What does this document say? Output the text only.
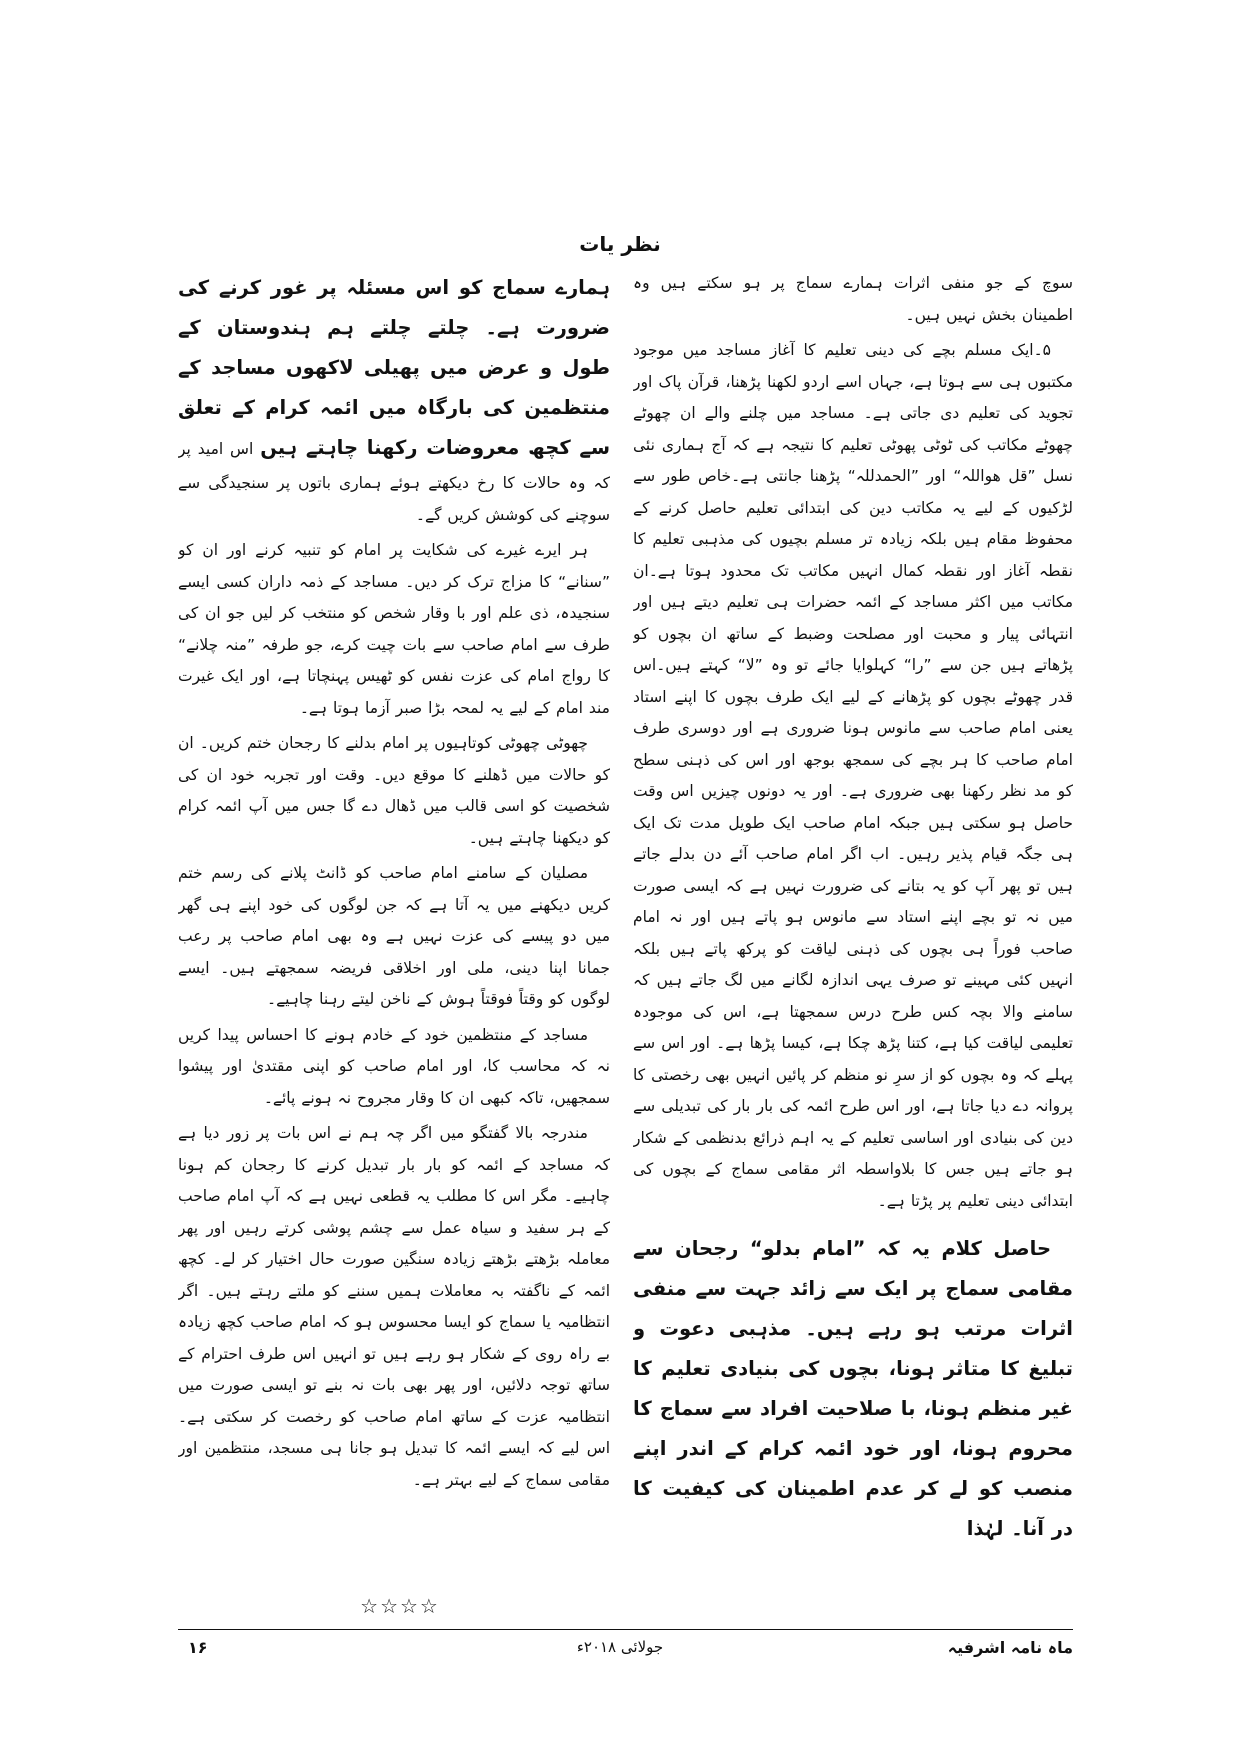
نظر یات

سوچ کے جو منفی اثرات ہمارے سماج پر ہو سکتے ہیں وہ اطمینان بخش نہیں ہیں۔

۵۔ایک مسلم بچے کی دینی تعلیم کا آغاز مساجد میں موجود مکتبوں ہی سے ہوتا ہے، جہاں اسے اردو لکھنا پڑھنا، قرآن پاک اور تجوید کی تعلیم دی جاتی ہے۔ مساجد میں چلنے والے ان چھوٹے چھوٹے مکاتب کی ٹوٹی پھوٹی تعلیم کا نتیجہ ہے کہ آج ہماری نئی نسل ”قل ھواللہ“ اور ”الحمدللہ“ پڑھنا جانتی ہے۔خاص طور سے لڑکیوں کے لیے یہ مکاتب دین کی ابتدائی تعلیم حاصل کرنے کے محفوظ مقام ہیں بلکہ زیادہ تر مسلم بچیوں کی مذہبی تعلیم کا نقطہ آغاز اور نقطہ کمال انہیں مکاتب تک محدود ہوتا ہے۔ان مکاتب میں اکثر مساجد کے ائمہ حضرات ہی تعلیم دیتے ہیں اور انتہائی پیار و محبت اور مصلحت وضبط کے ساتھ ان بچوں کو پڑھاتے ہیں جن سے ”را“ کہلوایا جائے تو وہ ”لا“ کہتے ہیں۔اس قدر چھوٹے بچوں کو پڑھانے کے لیے ایک طرف بچوں کا اپنے استاد یعنی امام صاحب سے مانوس ہونا ضروری ہے اور دوسری طرف امام صاحب کا ہر بچے کی سمجھ بوجھ اور اس کی ذہنی سطح کو مد نظر رکھنا بھی ضروری ہے۔ اور یہ دونوں چیزیں اس وقت حاصل ہو سکتی ہیں جبکہ امام صاحب ایک طویل مدت تک ایک ہی جگہ قیام پذیر رہیں۔ اب اگر امام صاحب آئے دن بدلے جاتے ہیں تو پھر آپ کو یہ بتانے کی ضرورت نہیں ہے کہ ایسی صورت میں نہ تو بچے اپنے استاد سے مانوس ہو پاتے ہیں اور نہ امام صاحب فوراً ہی بچوں کی ذہنی لیاقت کو پرکھ پاتے ہیں بلکہ انہیں کئی مہینے تو صرف یہی اندازہ لگانے میں لگ جاتے ہیں کہ سامنے والا بچہ کس طرح درس سمجھتا ہے، اس کی موجودہ تعلیمی لیاقت کیا ہے، کتنا پڑھ چکا ہے، کیسا پڑھا ہے۔ اور اس سے پہلے کہ وہ بچوں کو از سرِ نو منظم کر پائیں انہیں بھی رخصتی کا پروانہ دے دیا جاتا ہے، اور اس طرح ائمہ کی بار بار کی تبدیلی سے دین کی بنیادی اور اساسی تعلیم کے یہ اہم ذرائع بدنظمی کے شکار ہو جاتے ہیں جس کا بلاواسطہ اثر مقامی سماج کے بچوں کی ابتدائی دینی تعلیم پر پڑتا ہے۔

حاصل کلام یہ کہ ”امام بدلو“ رجحان سے مقامی سماج پر ایک سے زائد جہت سے منفی اثرات مرتب ہو رہے ہیں۔ مذہبی دعوت و تبلیغ کا متاثر ہونا، بچوں کی بنیادی تعلیم کا غیر منظم ہونا، با صلاحیت افراد سے سماج کا محروم ہونا، اور خود ائمہ کرام کے اندر اپنے منصب کو لے کر عدم اطمینان کی کیفیت کا در آنا۔ لہٰذا

ہمارے سماج کو اس مسئلہ پر غور کرنے کی ضرورت ہے۔ چلتے چلتے ہم ہندوستان کے طول و عرض میں پھیلی لاکھوں مساجد کے منتظمین کی بارگاہ میں ائمہ کرام کے تعلق سے کچھ معروضات رکھنا چاہتے ہیں اس امید پر کہ وہ حالات کا رخ دیکھتے ہوئے ہماری باتوں پر سنجیدگی سے سوچنے کی کوشش کریں گے۔

ہر ایرے غیرے کی شکایت پر امام کو تنبیہ کرنے اور ان کو ”سنانے“ کا مزاج ترک کر دیں۔ مساجد کے ذمہ داران کسی ایسے سنجیدہ، ذی علم اور با وقار شخص کو منتخب کر لیں جو ان کی طرف سے امام صاحب سے بات چیت کرے، جو طرفہ ”منہ چلانے“ کا رواج امام کی عزت نفس کو ٹھیس پہنچاتا ہے، اور ایک غیرت مند امام کے لیے یہ لمحہ بڑا صبر آزما ہوتا ہے۔

چھوٹی چھوٹی کوتاہیوں پر امام بدلنے کا رجحان ختم کریں۔ ان کو حالات میں ڈھلنے کا موقع دیں۔ وقت اور تجربہ خود ان کی شخصیت کو اسی قالب میں ڈھال دے گا جس میں آپ ائمہ کرام کو دیکھنا چاہتے ہیں۔

مصلیان کے سامنے امام صاحب کو ڈانٹ پلانے کی رسم ختم کریں دیکھنے میں یہ آتا ہے کہ جن لوگوں کی خود اپنے ہی گھر میں دو پیسے کی عزت نہیں ہے وہ بھی امام صاحب پر رعب جمانا اپنا دینی، ملی اور اخلاقی فریضہ سمجھتے ہیں۔ ایسے لوگوں کو وقتاً فوقتاً ہوش کے ناخن لیتے رہنا چاہیے۔

مساجد کے منتظمین خود کے خادم ہونے کا احساس پیدا کریں نہ کہ محاسب کا، اور امام صاحب کو اپنی مقتدیٰ اور پیشوا سمجھیں، تاکہ کبھی ان کا وقار مجروح نہ ہونے پائے۔

مندرجہ بالا گفتگو میں اگر چہ ہم نے اس بات پر زور دیا ہے کہ مساجد کے ائمہ کو بار بار تبدیل کرنے کا رجحان کم ہونا چاہیے۔ مگر اس کا مطلب یہ قطعی نہیں ہے کہ آپ امام صاحب کے ہر سفید و سیاہ عمل سے چشم پوشی کرتے رہیں اور پھر معاملہ بڑھتے بڑھتے زیادہ سنگین صورت حال اختیار کر لے۔ کچھ ائمہ کے ناگفتہ بہ معاملات ہمیں سننے کو ملتے رہتے ہیں۔ اگر انتظامیہ یا سماج کو ایسا محسوس ہو کہ امام صاحب کچھ زیادہ بے راہ روی کے شکار ہو رہے ہیں تو انہیں اس طرف احترام کے ساتھ توجہ دلائیں، اور پھر بھی بات نہ بنے تو ایسی صورت میں انتظامیہ عزت کے ساتھ امام صاحب کو رخصت کر سکتی ہے۔ اس لیے کہ ایسے ائمہ کا تبدیل ہو جانا ہی مسجد، منتظمین اور مقامی سماج کے لیے بہتر ہے۔

☆☆☆☆
۱۶	جولائی ۲۰۱۸ء	ماہ نامہ اشرفیہ
